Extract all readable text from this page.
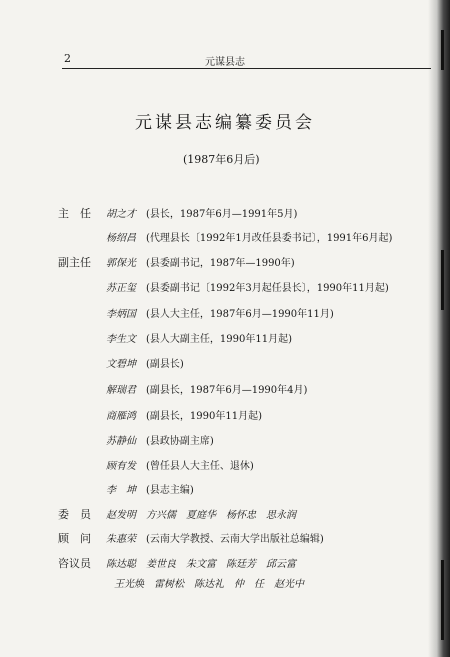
2	元谋县志
元谋县志编纂委员会
(1987年6月后)
主　任 胡之才 (县长，1987年6月—1991年5月)
杨绍昌 (代理县长〔1992年1月改任县委书记〕，1991年6月起)
副主任 郭保光 (县委副书记，1987年—1990年)
苏正玺 (县委副书记〔1992年3月起任县长〕，1990年11月起)
李炳国 (县人大主任，1987年6月—1990年11月)
李生文 (县人大副主任，1990年11月起)
文碧坤 (副县长)
解瑞君 (副县长，1987年6月—1990年4月)
商雁鸿 (副县长，1990年11月起)
苏静仙 (县政协副主席)
顾有发 (曾任县人大主任、退休)
李　坤 (县志主编)
委　员 赵发明　方兴儒　夏庭华　杨怀忠　思永润
顾　问 朱惠荣 (云南大学教授、云南大学出版社总编辑)
咨议员 陈达聪　姜世良　朱文富　陈廷芳　邱云富
王光焕　雷树松　陈达礼　仲　任　赵光中
